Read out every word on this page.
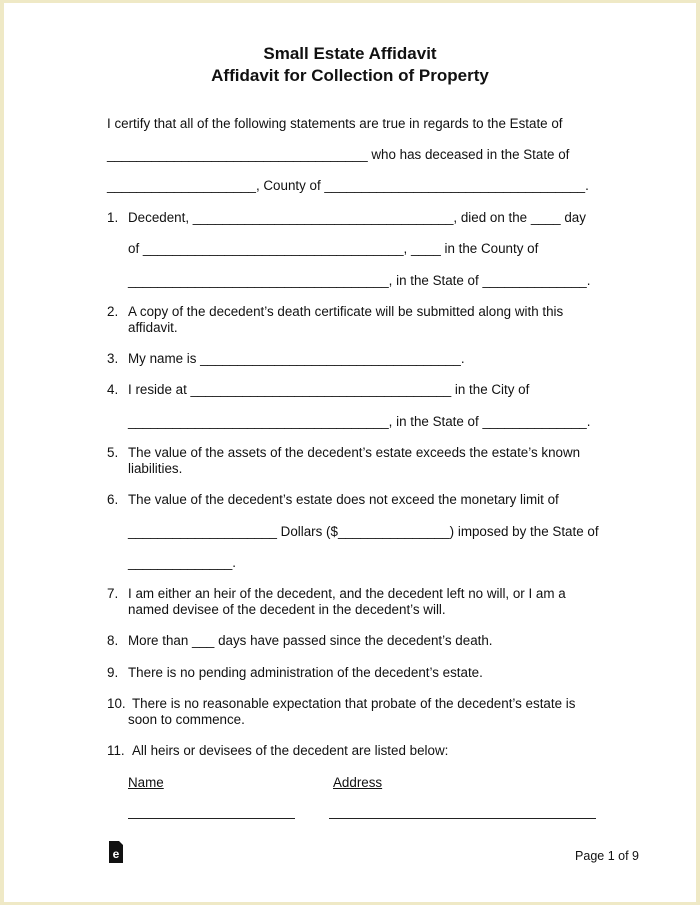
Small Estate Affidavit
Affidavit for Collection of Property
I certify that all of the following statements are true in regards to the Estate of
___________________________________ who has deceased in the State of
____________________, County of ___________________________________.
1. Decedent, ___________________________________, died on the ____ day
of ___________________________________, ____ in the County of
___________________________________, in the State of ______________.
2. A copy of the decedent’s death certificate will be submitted along with this
affidavit.
3. My name is ___________________________________.
4. I reside at ___________________________________ in the City of
___________________________________, in the State of ______________.
5. The value of the assets of the decedent’s estate exceeds the estate’s known
liabilities.
6. The value of the decedent’s estate does not exceed the monetary limit of
____________________ Dollars ($_______________) imposed by the State of
______________.
7. I am either an heir of the decedent, and the decedent left no will, or I am a
named devisee of the decedent in the decedent’s will.
8. More than ___ days have passed since the decedent’s death.
9. There is no pending administration of the decedent’s estate.
10. There is no reasonable expectation that probate of the decedent’s estate is
soon to commence.
11. All heirs or devisees of the decedent are listed below:
Name	Address
e	Page 1 of 9
